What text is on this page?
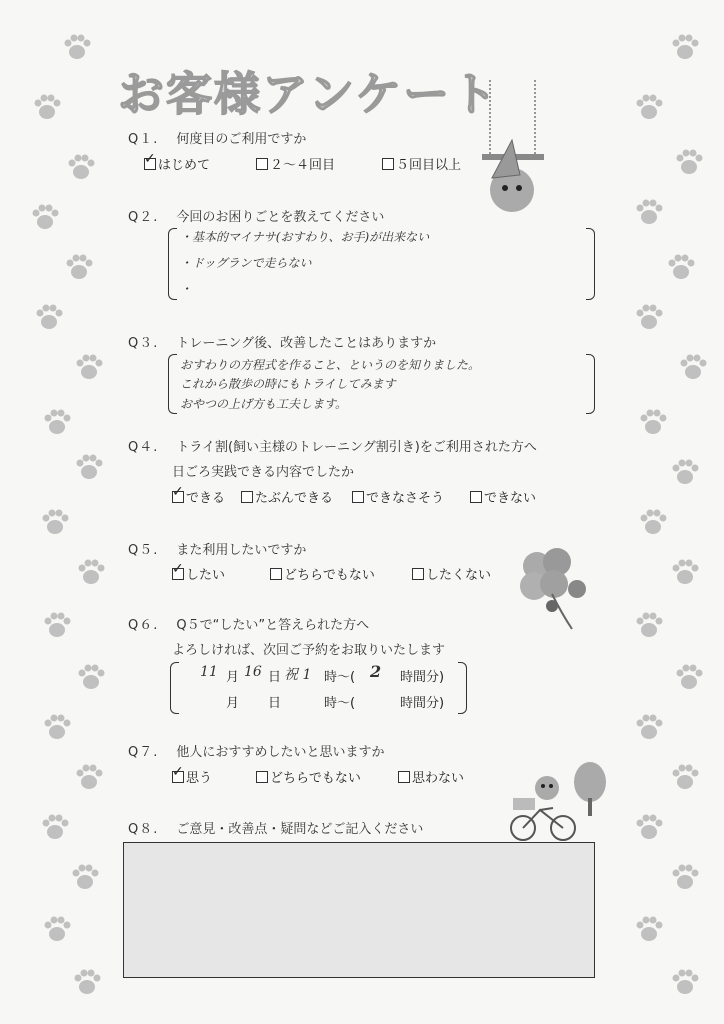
お客様アンケート
Q１. 何度目のご利用ですか
✓はじめて	２～４回目	５回目以上
Q２. 今回のお困りごとを教えてください
・基本的マイナサ(おすわり、お手)が出来ない
・ドッグランで走らない
・
Q３. トレーニング後、改善したことはありますか
おすわりの方程式を作ること、というのを知りました。
これから散歩の時にもトライしてみます
おやつの上げ方も工夫します。
Q４. トライ割(飼い主様のトレーニング割引き)をご利用された方へ
日ごろ実践できる内容でしたか
✓できる	たぶんできる	できなさそう	できない
Q５. また利用したいですか
✓したい	どちらでもない	したくない
Q６. Q５で“したい”と答えられた方へ
よろしければ、次回ご予約をお取りいたします
11 月 16 日 祝 1 時～( 2 時間分)
月 日	時～(	時間分)
Q７. 他人におすすめしたいと思いますか
✓思う	どちらでもない	思わない
Q８. ご意見・改善点・疑問などご記入ください
